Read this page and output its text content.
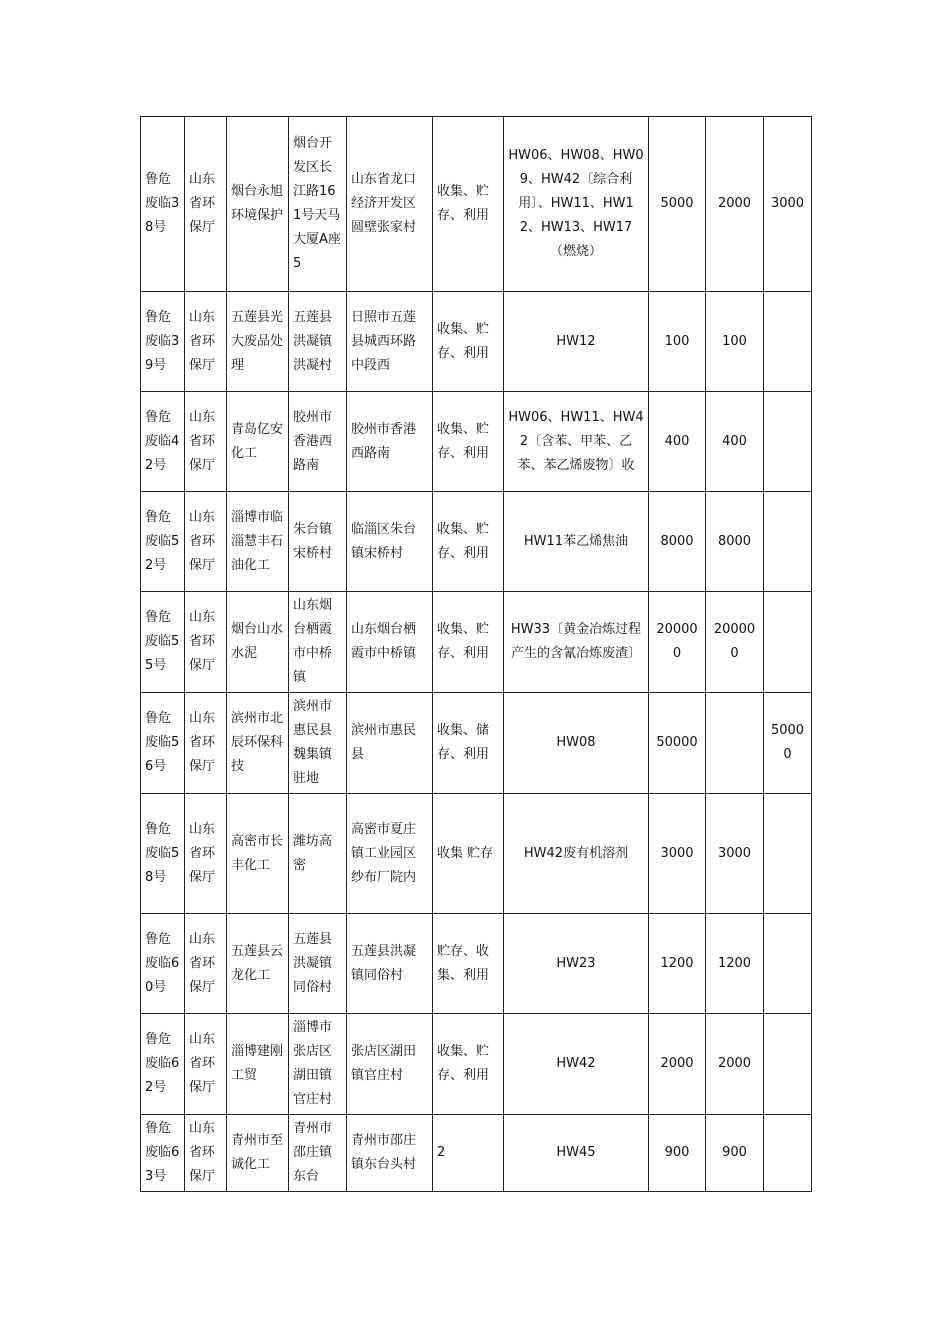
鲁危废临38号	山东省环保厅	烟台永旭环境保护	烟台开发区长江路161号天马大厦A座5	山东省龙口经济开发区圆壁张家村	收集、贮存、利用	HW06、HW08、HW09、HW42〔综合利用〕、HW11、HW12、HW13、HW17（燃烧）	5000	2000	3000
鲁危废临39号	山东省环保厅	五莲县光大废品处理	五莲县洪凝镇洪凝村	日照市五莲县城西环路中段西	收集、贮存、利用	HW12	100	100	
鲁危废临42号	山东省环保厅	青岛亿安化工	胶州市香港西路南	胶州市香港西路南	收集、贮存、利用	HW06、HW11、HW42〔含苯、甲苯、乙苯、苯乙烯废物〕收	400	400	
鲁危废临52号	山东省环保厅	淄博市临淄慧丰石油化工	朱台镇宋桥村	临淄区朱台镇宋桥村	收集、贮存、利用	HW11苯乙烯焦油	8000	8000	
鲁危废临55号	山东省环保厅	烟台山水水泥	山东烟台栖霞市中桥镇	山东烟台栖霞市中桥镇	收集、贮存、利用	HW33〔黄金冶炼过程产生的含氰冶炼废渣〕	200000	200000	
鲁危废临56号	山东省环保厅	滨州市北辰环保科技	滨州市惠民县魏集镇驻地	滨州市惠民县	收集、储存、利用	HW08	50000		50000
鲁危废临58号	山东省环保厅	高密市长丰化工	潍坊高密	高密市夏庄镇工业园区纱布厂院内	收集 贮存	HW42废有机溶剂	3000	3000	
鲁危废临60号	山东省环保厅	五莲县云龙化工	五莲县洪凝镇同俗村	五莲县洪凝镇同俗村	贮存、收集、利用	HW23	1200	1200	
鲁危废临62号	山东省环保厅	淄博建刚工贸	淄博市张店区湖田镇官庄村	张店区湖田镇官庄村	收集、贮存、利用	HW42	2000	2000	
鲁危废临63号	山东省环保厅	青州市至诚化工	青州市邵庄镇东台	青州市邵庄镇东台头村	2	HW45	900	900	
